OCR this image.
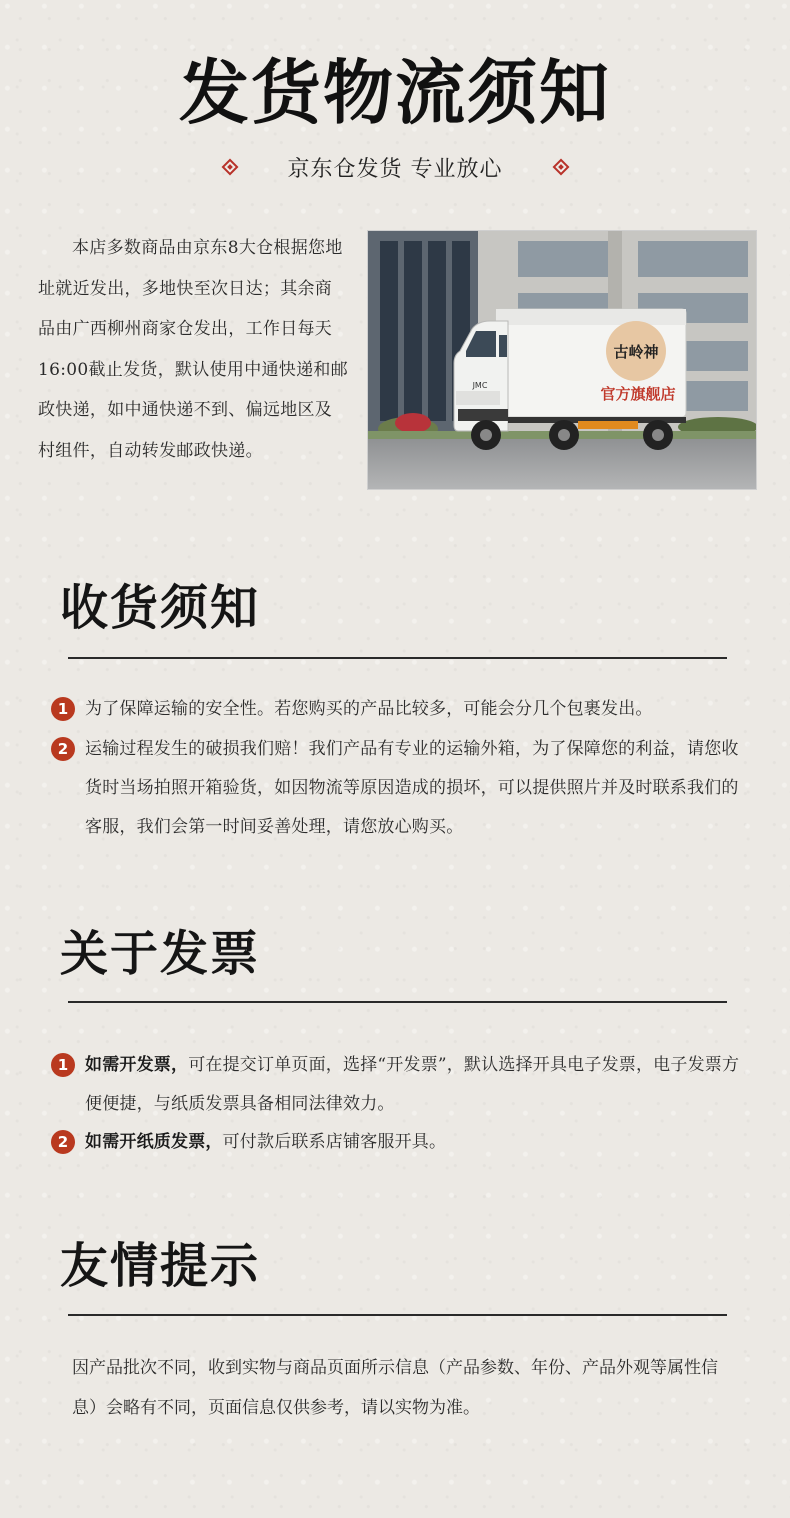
发货物流须知
京东仓发货 专业放心
本店多数商品由京东8大仓根据您地址就近发出，多地快至次日达；其余商品由广西柳州商家仓发出，工作日每天16:00截止发货，默认使用中通快递和邮政快递，如中通快递不到、偏远地区及村组件，自动转发邮政快递。
古岭神
官方旗舰店
JMC
收货须知
1 为了保障运输的安全性。若您购买的产品比较多，可能会分几个包裹发出。
2 运输过程发生的破损我们赔！我们产品有专业的运输外箱，为了保障您的利益，请您收货时当场拍照开箱验货，如因物流等原因造成的损坏，可以提供照片并及时联系我们的客服，我们会第一时间妥善处理，请您放心购买。
关于发票
1 如需开发票，可在提交订单页面，选择“开发票”，默认选择开具电子发票，电子发票方便便捷，与纸质发票具备相同法律效力。
2 如需开纸质发票，可付款后联系店铺客服开具。
友情提示
因产品批次不同，收到实物与商品页面所示信息（产品参数、年份、产品外观等属性信息）会略有不同，页面信息仅供参考，请以实物为准。
